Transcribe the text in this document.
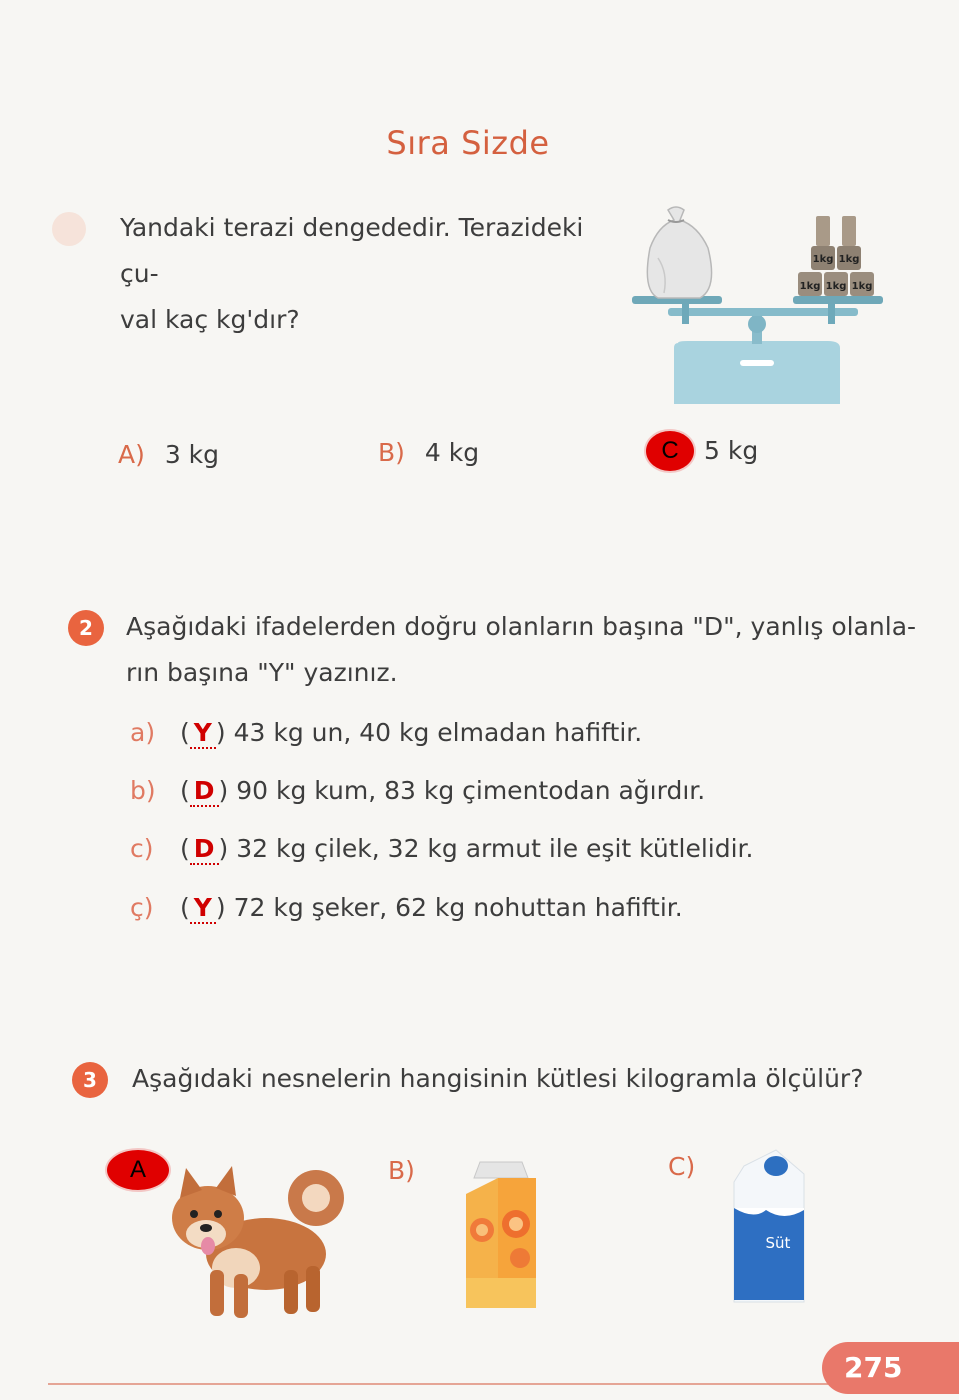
Sıra Sizde
Yandaki terazi dengededir. Terazideki çu-
val kaç kg'dır?
1kg 1kg 1kg
1kg 1kg
A) 3 kg	B) 4 kg	C	5 kg
2	Aşağıdaki ifadelerden doğru olanların başına "D", yanlış olanla-
rın başına "Y" yazınız.
a) ( Y ) 43 kg un, 40 kg elmadan hafiftir.
b) ( D ) 90 kg kum, 83 kg çimentodan ağırdır.
c) ( D ) 32 kg çilek, 32 kg armut ile eşit kütlelidir.
ç) ( Y ) 72 kg şeker, 62 kg nohuttan hafiftir.
3	Aşağıdaki nesnelerin hangisinin kütlesi kilogramla ölçülür?
A	B)	C)
Süt
275
